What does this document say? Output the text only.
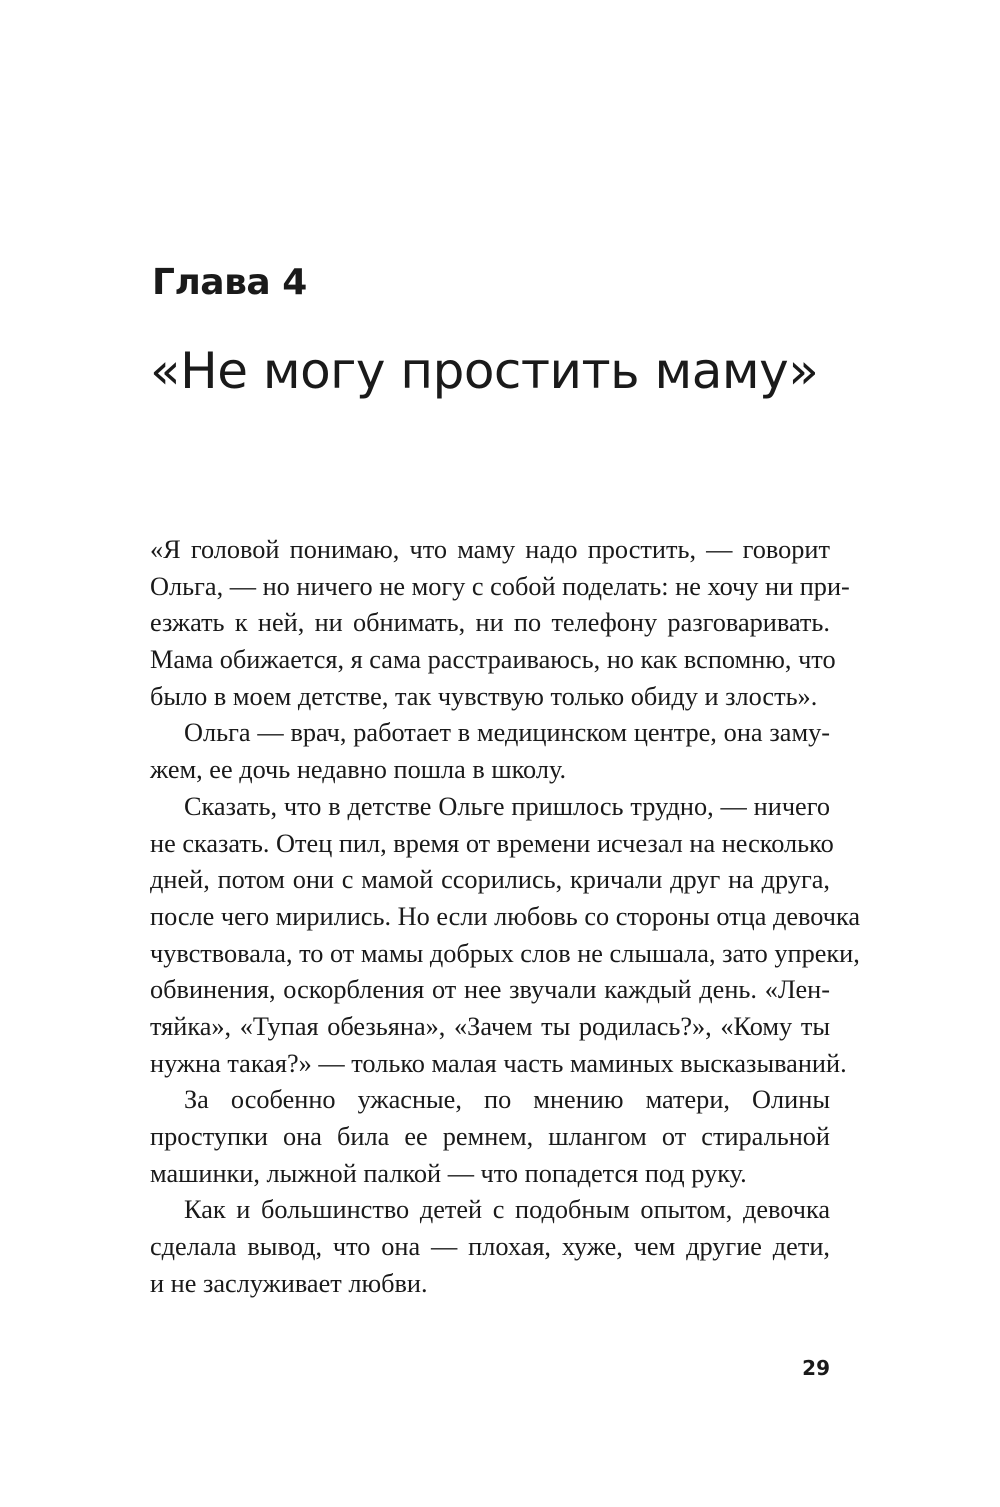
Глава 4
«Не могу простить маму»
«Я головой понимаю, что маму надо простить, — говорит
Ольга, — но ничего не могу с собой поделать: не хочу ни при-
езжать к ней, ни обнимать, ни по телефону разговаривать.
Мама обижается, я сама расстраиваюсь, но как вспомню, что
было в моем детстве, так чувствую только обиду и злость».
Ольга — врач, работает в медицинском центре, она заму-
жем, ее дочь недавно пошла в школу.
Сказать, что в детстве Ольге пришлось трудно, — ничего
не сказать. Отец пил, время от времени исчезал на несколько
дней, потом они с мамой ссорились, кричали друг на друга,
после чего мирились. Но если любовь со стороны отца девочка
чувствовала, то от мамы добрых слов не слышала, зато упреки,
обвинения, оскорбления от нее звучали каждый день. «Лен-
тяйка», «Тупая обезьяна», «Зачем ты родилась?», «Кому ты
нужна такая?» — только малая часть маминых высказываний.
За особенно ужасные, по мнению матери, Олины
проступки она била ее ремнем, шлангом от стиральной
машинки, лыжной палкой — что попадется под руку.
Как и большинство детей с подобным опытом, девочка
сделала вывод, что она — плохая, хуже, чем другие дети,
и не заслуживает любви.
29
